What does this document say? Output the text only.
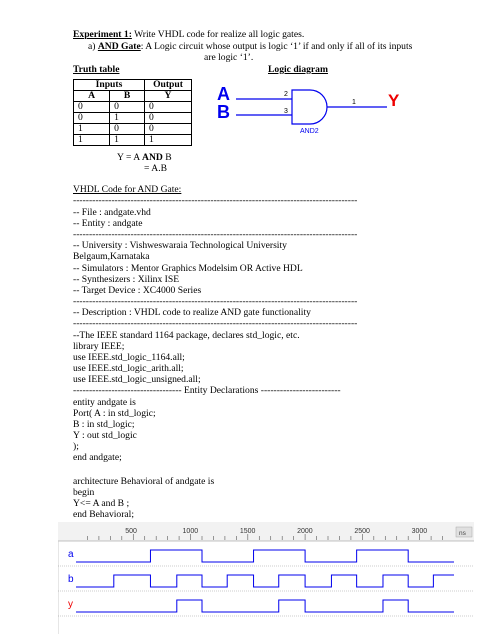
Experiment 1: Write VHDL code for realize all logic gates.
a) AND Gate: A Logic circuit whose output is logic ‘1’ if and only if all of its inputs
are logic ‘1’.
Truth table
Inputs		Output
A	B	Y
0	0	0
0	1	0
1	0	0
1	1	1
Y = A AND B
= A.B
Logic diagram
A
B
2
3
AND2
1 Y
VHDL Code for AND Gate:
-----------------------------------------------------------------------------------------
-- File : andgate.vhd
-- Entity : andgate
-----------------------------------------------------------------------------------------
-- University : Vishweswaraia Technological University
Belgaum,Karnataka
-- Simulators : Mentor Graphics Modelsim OR Active HDL
-- Synthesizers : Xilinx ISE
-- Target Device : XC4000 Series
-----------------------------------------------------------------------------------------
-- Description : VHDL code to realize AND gate functionality
-----------------------------------------------------------------------------------------
--The IEEE standard 1164 package, declares std_logic, etc.
library IEEE;
use IEEE.std_logic_1164.all;
use IEEE.std_logic_arith.all;
use IEEE.std_logic_unsigned.all;
---------------------------------- Entity Declarations -------------------------
entity andgate is
Port( A : in std_logic;
B : in std_logic;
Y : out std_logic
);
end andgate;
architecture Behavioral of andgate is
begin
Y<= A and B ;
end Behavioral;
ns
500	1000	1500	2000	2500	3000
a
b
y
